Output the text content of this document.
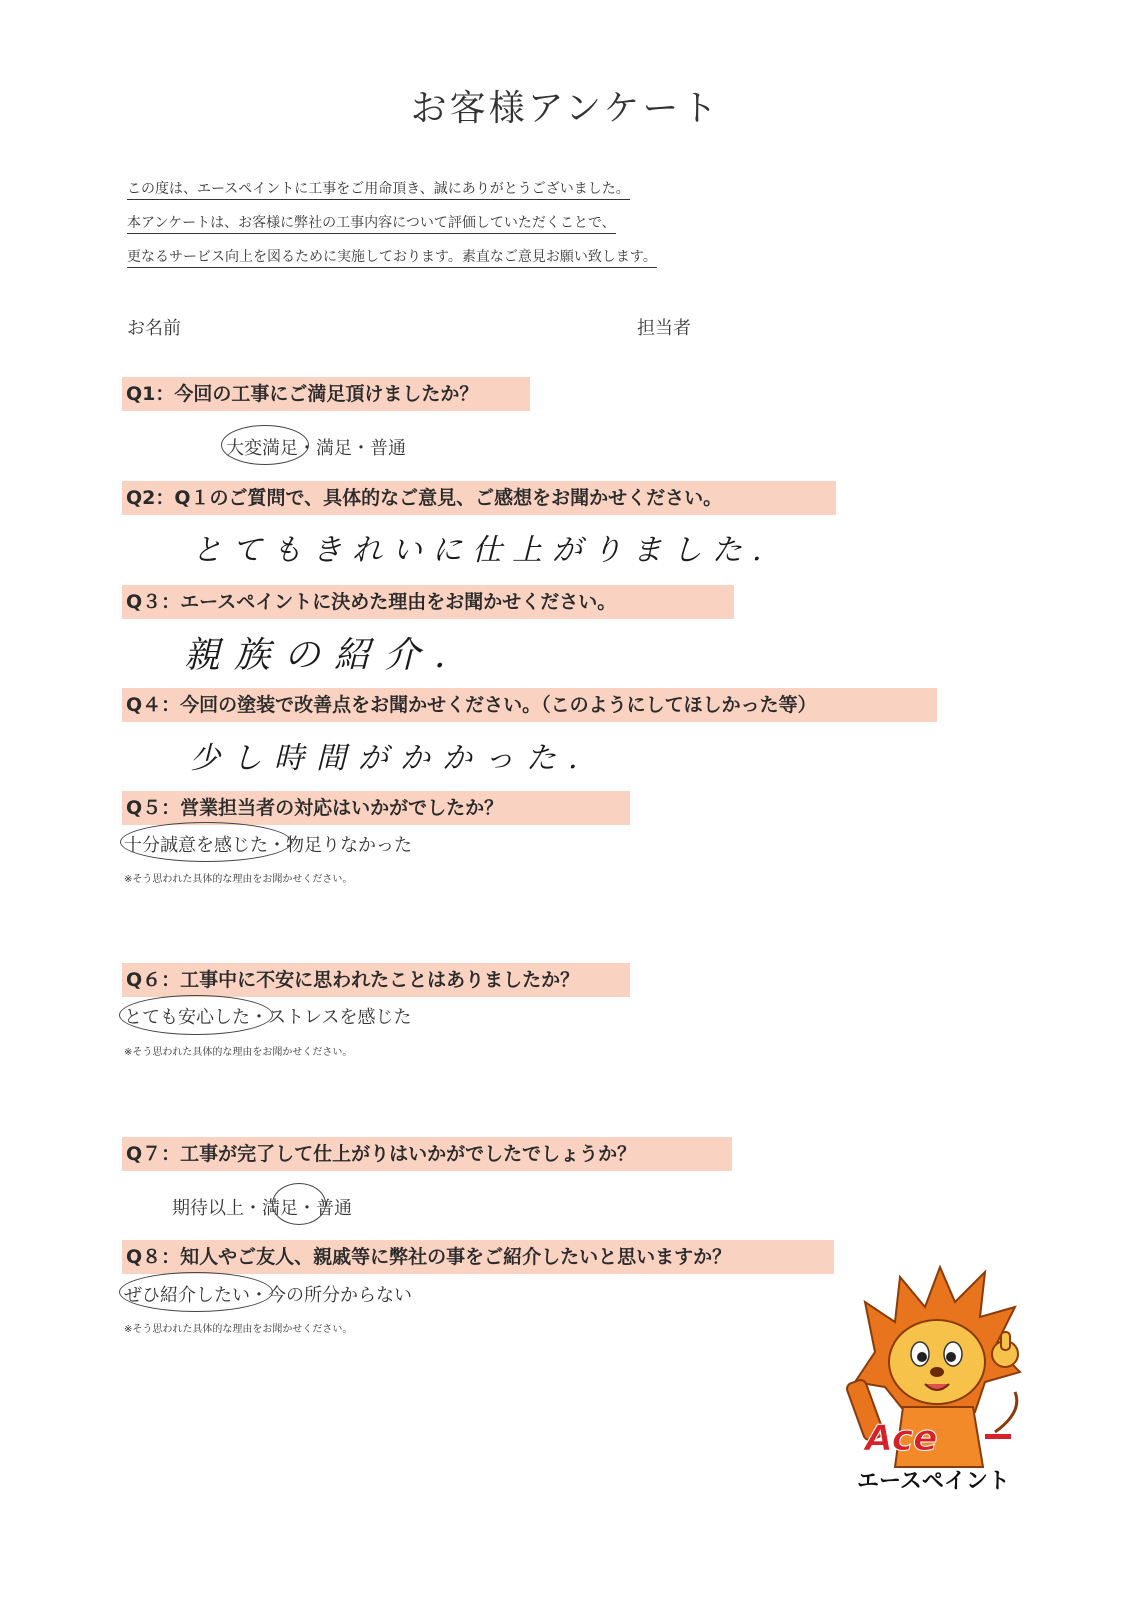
お客様アンケート
この度は、エースペイントに工事をご用命頂き、誠にありがとうございました。
本アンケートは、お客様に弊社の工事内容について評価していただくことで、
更なるサービス向上を図るために実施しております。素直なご意見お願い致します。
お名前	担当者
Q1：今回の工事にご満足頂けましたか？
大変満足・満足・普通
Q2：Q１のご質問で、具体的なご意見、ご感想をお聞かせください。
とてもきれいに仕上がりました.
Q３：エースペイントに決めた理由をお聞かせください。
親族の紹介.
Q４：今回の塗装で改善点をお聞かせください。（このようにしてほしかった等）
少し時間がかかった.
Q５：営業担当者の対応はいかがでしたか？
十分誠意を感じた・物足りなかった
※そう思われた具体的な理由をお聞かせください。
Q６：工事中に不安に思われたことはありましたか？
とても安心した・ストレスを感じた
※そう思われた具体的な理由をお聞かせください。
Q７：工事が完了して仕上がりはいかがでしたでしょうか？
期待以上・満足・普通
Q８：知人やご友人、親戚等に弊社の事をご紹介したいと思いますか？
ぜひ紹介したい・今の所分からない
※そう思われた具体的な理由をお聞かせください。
Ace
エースペイント
